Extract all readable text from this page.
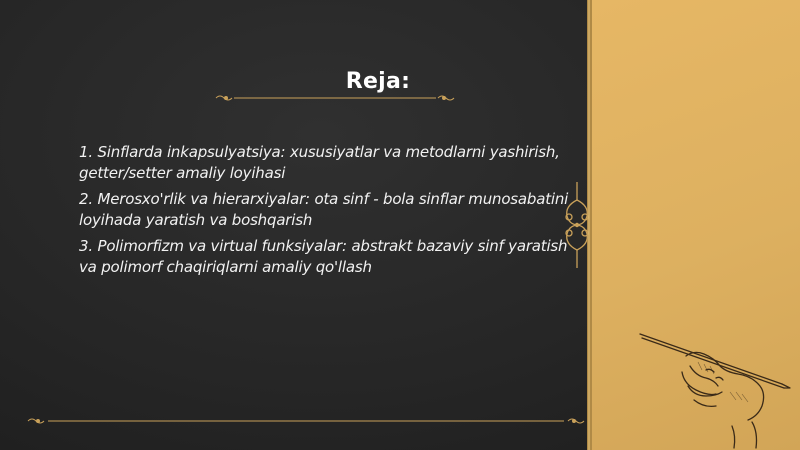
Reja:
1. Sinflarda inkapsulyatsiya: xususiyatlar va metodlarni yashirish, getter/setter amaliy loyihasi
2. Merosxo'rlik va hierarxiyalar: ota sinf - bola sinflar munosabatini loyihada yaratish va boshqarish
3. Polimorfizm va virtual funksiyalar: abstrakt bazaviy sinf yaratish va polimorf chaqiriqlarni amaliy qo'llash
